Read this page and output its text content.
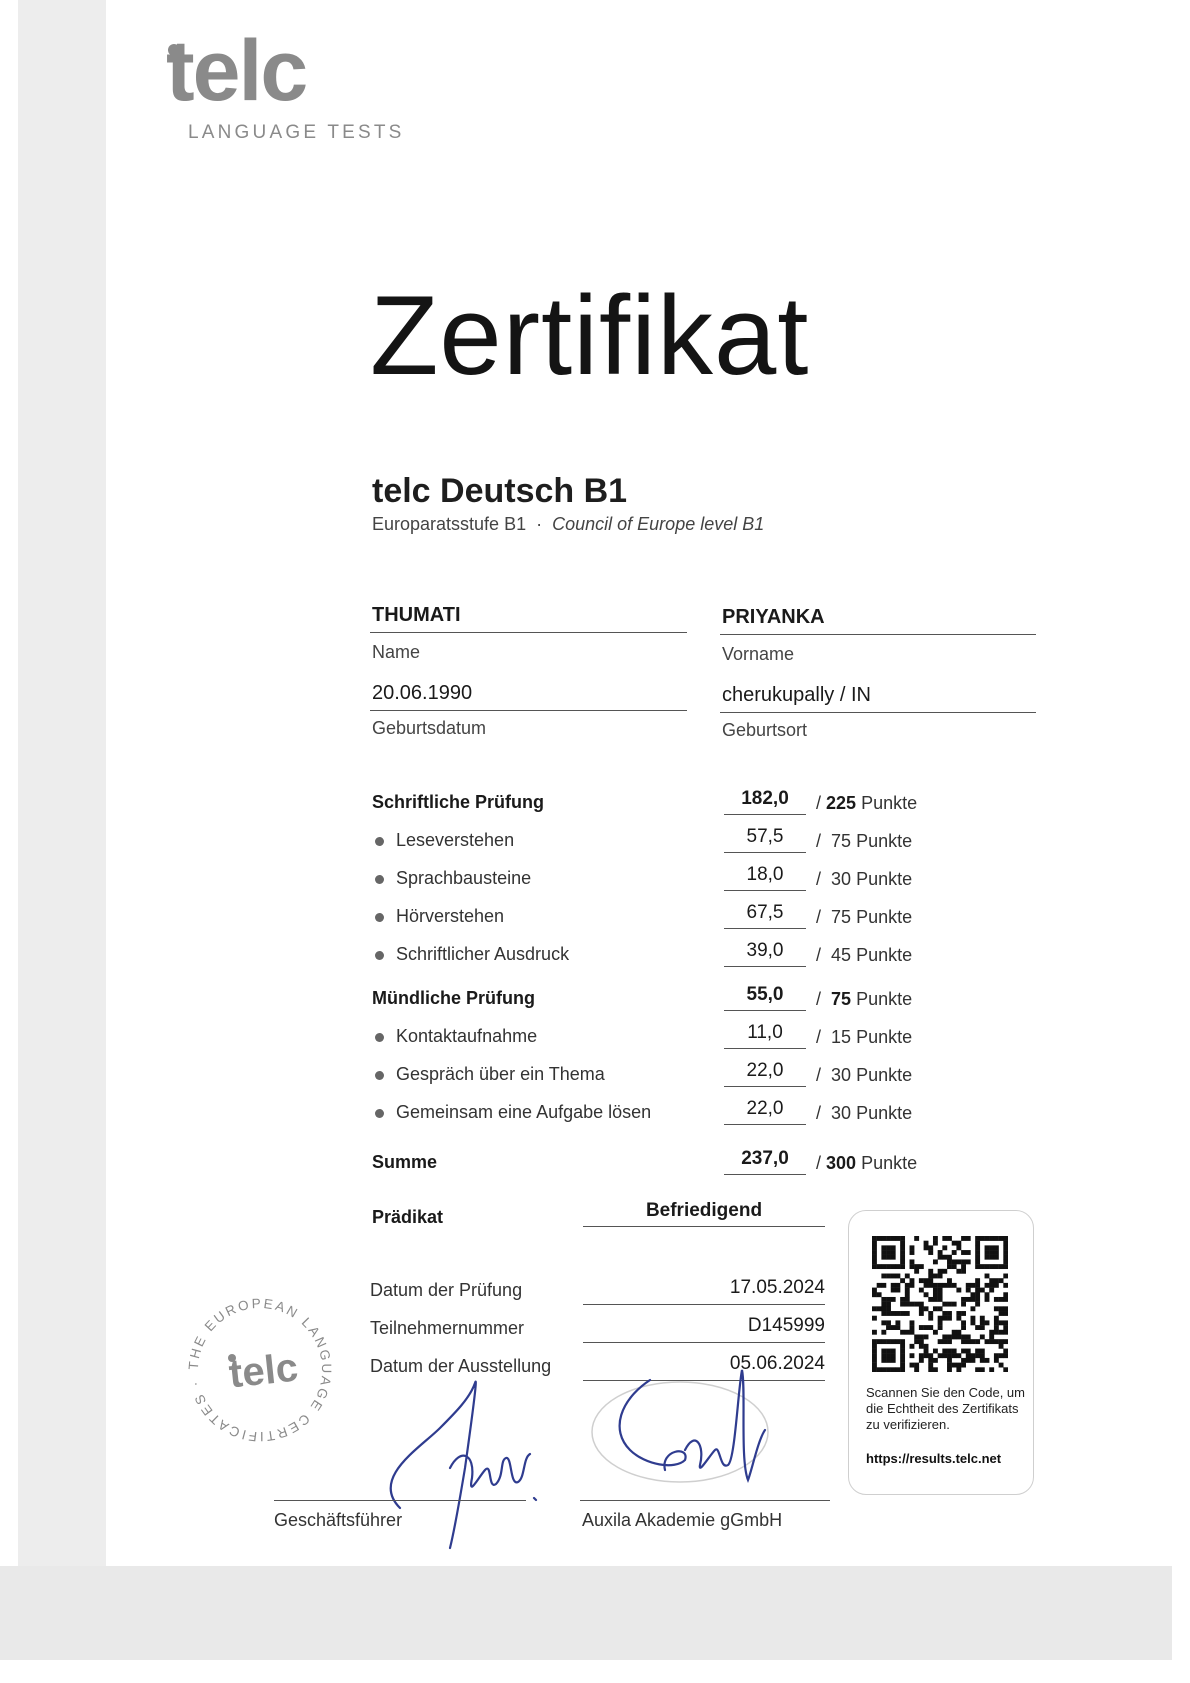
telc
LANGUAGE TESTS
Zertifikat
telc Deutsch B1
Europaratsstufe B1 · Council of Europe level B1
THUMATI
Name
PRIYANKA
Vorname
20.06.1990
Geburtsdatum
cherukupally / IN
Geburtsort
Schriftliche Prüfung	182,0	/ 225 Punkte
Leseverstehen	57,5	/  75 Punkte
Sprachbausteine	18,0	/  30 Punkte
Hörverstehen	67,5	/  75 Punkte
Schriftlicher Ausdruck	39,0	/  45 Punkte
Mündliche Prüfung	55,0	/  75 Punkte
Kontaktaufnahme	11,0	/  15 Punkte
Gespräch über ein Thema	22,0	/  30 Punkte
Gemeinsam eine Aufgabe lösen	22,0	/  30 Punkte
Summe	237,0	/ 300 Punkte
Prädikat	Befriedigend
Datum der Prüfung	17.05.2024
Teilnehmernummer	D145999
Datum der Ausstellung	05.06.2024
THE EUROPEAN LANGUAGE CERTIFICATES · telc	Scannen Sie den Code, um die Echtheit des Zertifikats zu verifizieren.
https://results.telc.net
Geschäftsführer	Auxila Akademie gGmbH
